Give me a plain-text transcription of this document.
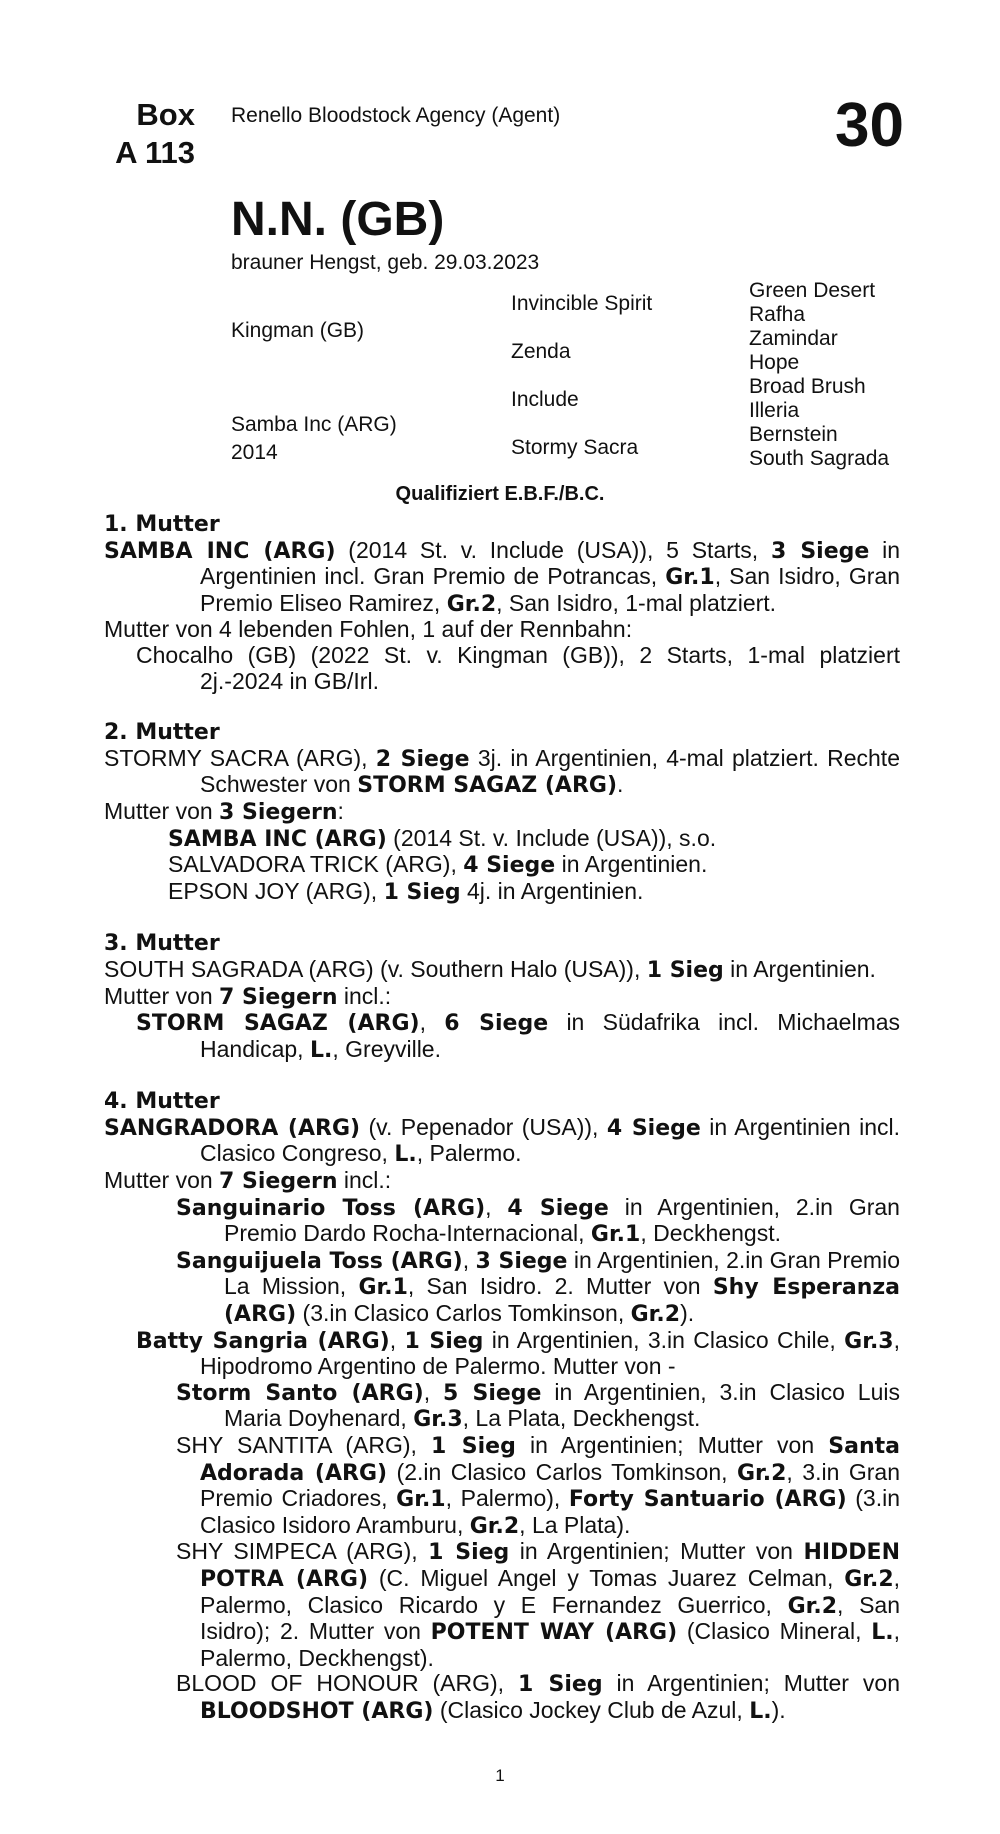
Box
A 113
Renello Bloodstock Agency (Agent)	30
N.N. (GB)
brauner Hengst, geb. 29.03.2023
Kingman (GB)
Samba Inc (ARG)
2014
Invincible Spirit
Zenda
Include
Stormy Sacra
Green Desert
Rafha
Zamindar
Hope
Broad Brush
Illeria
Bernstein
South Sagrada
Qualifiziert E.B.F./B.C.

1. Mutter

SAMBA INC (ARG) (2014 St. v. Include (USA)), 5 Starts, 3 Siege in Argentinien incl. Gran Premio de Potrancas, Gr.1, San Isidro, Gran Premio Eliseo Ramirez, Gr.2, San Isidro, 1-mal platziert.

Mutter von 4 lebenden Fohlen, 1 auf der Rennbahn:

Chocalho (GB) (2022 St. v. Kingman (GB)), 2 Starts, 1-mal platziert 2j.-2024 in GB/Irl.

2. Mutter

STORMY SACRA (ARG), 2 Siege 3j. in Argentinien, 4-mal platziert. Rechte Schwester von STORM SAGAZ (ARG).

Mutter von 3 Siegern:

SAMBA INC (ARG) (2014 St. v. Include (USA)), s.o.

SALVADORA TRICK (ARG), 4 Siege in Argentinien.

EPSON JOY (ARG), 1 Sieg 4j. in Argentinien.

3. Mutter

SOUTH SAGRADA (ARG) (v. Southern Halo (USA)), 1 Sieg in Argentinien.

Mutter von 7 Siegern incl.:

STORM SAGAZ (ARG), 6 Siege in Südafrika incl. Michaelmas Handicap, L., Greyville.

4. Mutter

SANGRADORA (ARG) (v. Pepenador (USA)), 4 Siege in Argentinien incl. Clasico Congreso, L., Palermo.

Mutter von 7 Siegern incl.:

Sanguinario Toss (ARG), 4 Siege in Argentinien, 2.in Gran Premio Dardo Rocha-Internacional, Gr.1, Deckhengst.

Sanguijuela Toss (ARG), 3 Siege in Argentinien, 2.in Gran Premio La Mission, Gr.1, San Isidro. 2. Mutter von Shy Esperanza (ARG) (3.in Clasico Carlos Tomkinson, Gr.2).

Batty Sangria (ARG), 1 Sieg in Argentinien, 3.in Clasico Chile, Gr.3, Hipodromo Argentino de Palermo. Mutter von -

Storm Santo (ARG), 5 Siege in Argentinien, 3.in Clasico Luis Maria Doyhenard, Gr.3, La Plata, Deckhengst.

SHY SANTITA (ARG), 1 Sieg in Argentinien; Mutter von Santa Adorada (ARG) (2.in Clasico Carlos Tomkinson, Gr.2, 3.in Gran Premio Criadores, Gr.1, Palermo), Forty Santuario (ARG) (3.in Clasico Isidoro Aramburu, Gr.2, La Plata).

SHY SIMPECA (ARG), 1 Sieg in Argentinien; Mutter von HIDDEN POTRA (ARG) (C. Miguel Angel y Tomas Juarez Celman, Gr.2, Palermo, Clasico Ricardo y E Fernandez Guerrico, Gr.2, San Isidro); 2. Mutter von POTENT WAY (ARG) (Clasico Mineral, L., Palermo, Deckhengst).

BLOOD OF HONOUR (ARG), 1 Sieg in Argentinien; Mutter von BLOODSHOT (ARG) (Clasico Jockey Club de Azul, L.).

1
